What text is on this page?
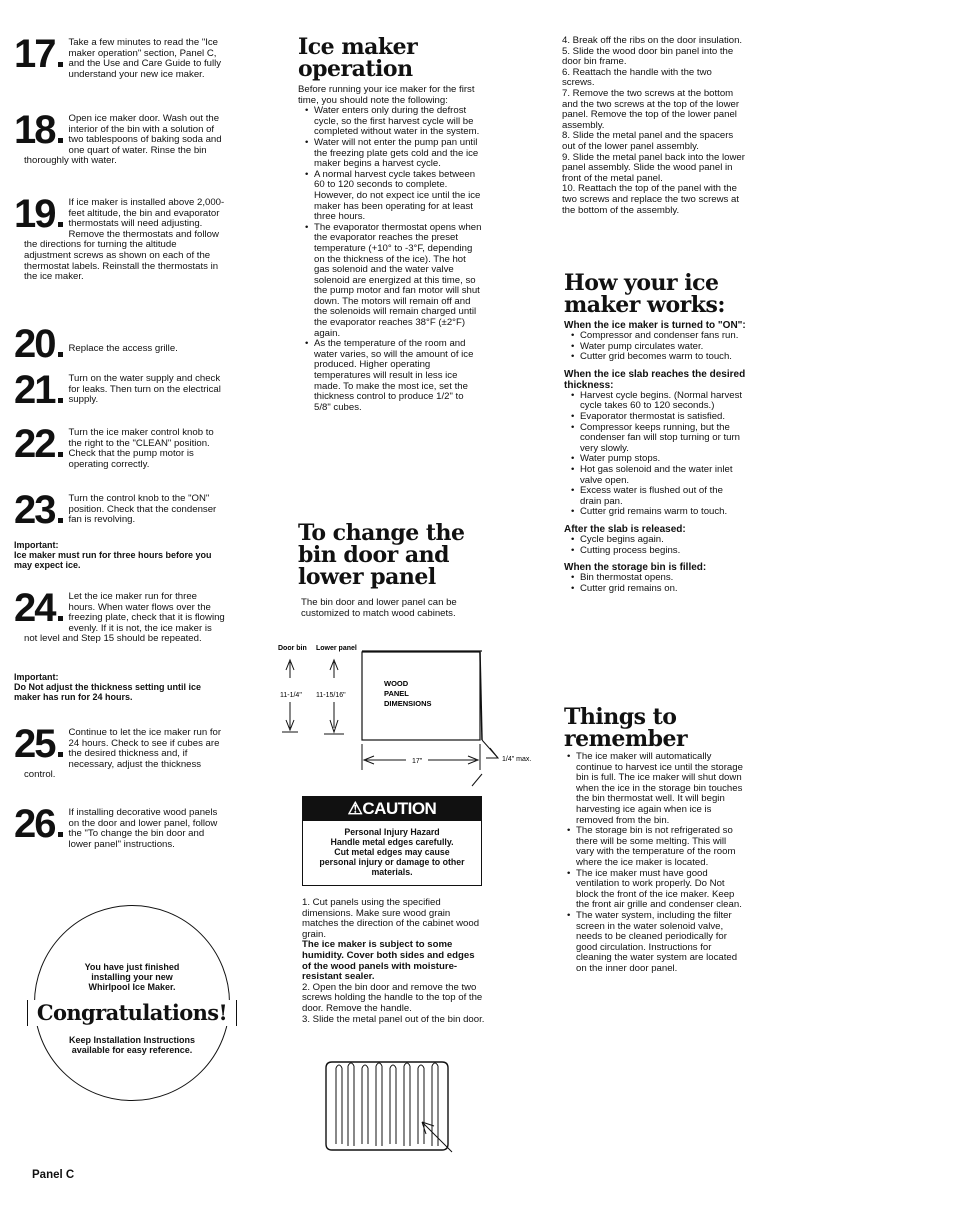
17	Take a few minutes to read the "Ice maker operation" section, Panel C, and the Use and Care Guide to fully understand your new ice maker.
18	Open ice maker door. Wash out the interior of the bin with a solution of two tablespoons of baking soda and one quart of water. Rinse the bin thoroughly with water.
19	If ice maker is installed above 2,000-feet altitude, the bin and evaporator thermostats will need adjusting. Remove the thermostats and follow the directions for turning the altitude adjustment screws as shown on each of the thermostat labels. Reinstall the thermostats in the ice maker.
20	Replace the access grille.
21	Turn on the water supply and check for leaks. Then turn on the electrical supply.
22	Turn the ice maker control knob to the right to the "CLEAN" position. Check that the pump motor is operating correctly.
23	Turn the control knob to the "ON" position. Check that the condenser fan is revolving.
Important:
Ice maker must run for three hours before you may expect ice.
24	Let the ice maker run for three hours. When water flows over the freezing plate, check that it is flowing evenly. If it is not, the ice maker is not level and Step 15 should be repeated.
Important:
Do Not adjust the thickness setting until ice maker has run for 24 hours.
25	Continue to let the ice maker run for 24 hours. Check to see if cubes are the desired thickness and, if necessary, adjust the thickness control.
26	If installing decorative wood panels on the door and lower panel, follow the "To change the bin door and lower panel" instructions.
You have just finished installing your new Whirlpool Ice Maker.
Congratulations!
Keep Installation Instructions available for easy reference.
Panel C
Ice maker operation

Before running your ice maker for the first time, you should note the following:

• Water enters only during the defrost cycle, so the first harvest cycle will be completed without water in the system.
• Water will not enter the pump pan until the freezing plate gets cold and the ice maker begins a harvest cycle.
• A normal harvest cycle takes between 60 to 120 seconds to complete. However, do not expect ice until the ice maker has been operating for at least three hours.
• The evaporator thermostat opens when the evaporator reaches the preset temperature (+10° to -3°F, depending on the thickness of the ice). The hot gas solenoid and the water valve solenoid are energized at this time, so the pump motor and fan motor will shut down. The motors will remain off and the solenoids will remain charged until the evaporator reaches 38°F (±2°F) again.
• As the temperature of the room and water varies, so will the amount of ice produced. Higher operating temperatures will result in less ice made. To make the most ice, set the thickness control to produce 1/2" to 5/8" cubes.
To change the bin door and lower panel

The bin door and lower panel can be customized to match wood cabinets.

Door bin Lower panel
11-1/4" 11-15/16"
WOOD
PANEL
DIMENSIONS
17"	1/4" max.
⚠CAUTION
Personal Injury Hazard
Handle metal edges carefully.
Cut metal edges may cause personal injury or damage to other materials.

1. Cut panels using the specified dimensions. Make sure wood grain matches the direction of the cabinet wood grain.

The ice maker is subject to some humidity. Cover both sides and edges of the wood panels with moisture-resistant sealer.

2. Open the bin door and remove the two screws holding the handle to the top of the door. Remove the handle.

3. Slide the metal panel out of the bin door.

4. Break off the ribs on the door insulation.

5. Slide the wood door bin panel into the door bin frame.

6. Reattach the handle with the two screws.

7. Remove the two screws at the bottom and the two screws at the top of the lower panel. Remove the top of the lower panel assembly.

8. Slide the metal panel and the spacers out of the lower panel assembly.

9. Slide the metal panel back into the lower panel assembly. Slide the wood panel in front of the metal panel.

10. Reattach the top of the panel with the two screws and replace the two screws at the bottom of the assembly.

How your ice maker works:
When the ice maker is turned to "ON":
• Compressor and condenser fans run.
• Water pump circulates water.
• Cutter grid becomes warm to touch.
When the ice slab reaches the desired thickness:
• Harvest cycle begins. (Normal harvest cycle takes 60 to 120 seconds.)
• Evaporator thermostat is satisfied.
• Compressor keeps running, but the condenser fan will stop turning or turn very slowly.
• Water pump stops.
• Hot gas solenoid and the water inlet valve open.
• Excess water is flushed out of the drain pan.
• Cutter grid remains warm to touch.
After the slab is released:
• Cycle begins again.
• Cutting process begins.
When the storage bin is filled:
• Bin thermostat opens.
• Cutter grid remains on.
Things to remember
• The ice maker will automatically continue to harvest ice until the storage bin is full. The ice maker will shut down when the ice in the storage bin touches the bin thermostat well. It will begin harvesting ice again when ice is removed from the bin.
• The storage bin is not refrigerated so there will be some melting. This will vary with the temperature of the room where the ice maker is located.
• The ice maker must have good ventilation to work properly. Do Not block the front of the ice maker. Keep the front air grille and condenser clean.
• The water system, including the filter screen in the water solenoid valve, needs to be cleaned periodically for good circulation. Instructions for cleaning the water system are located on the inner door panel.
